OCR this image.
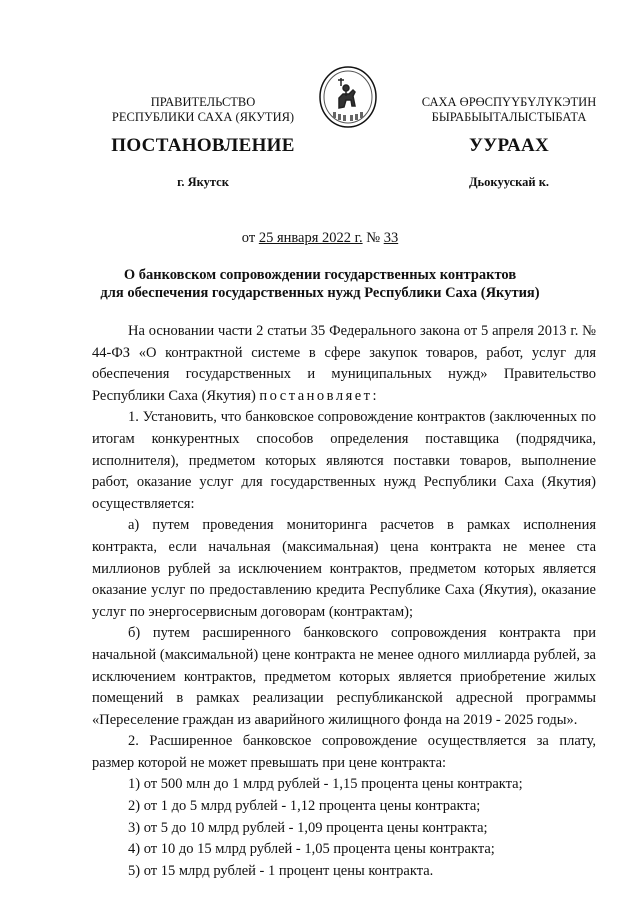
ПРАВИТЕЛЬСТВО
РЕСПУБЛИКИ САХА (ЯКУТИЯ)
САХА ӨРӨСПҮҮБҮЛҮКЭТИН
БЫРАБЫЫТАЛЫСТЫБАТА
ПОСТАНОВЛЕНИЕ	УУРААХ
г. Якутск	Дьокуускай к.
от 25 января 2022 г. № 33
О банковском сопровождении государственных контрактов
для обеспечения государственных нужд Республики Саха (Якутия)

На основании части 2 статьи 35 Федерального закона от 5 апреля 2013 г. № 44-ФЗ «О контрактной системе в сфере закупок товаров, работ, услуг для обеспечения государственных и муниципальных нужд» Правительство Республики Саха (Якутия) постановляет:

1. Установить, что банковское сопровождение контрактов (заключенных по итогам конкурентных способов определения поставщика (подрядчика, исполнителя), предметом которых являются поставки товаров, выполнение работ, оказание услуг для государственных нужд Республики Саха (Якутия) осуществляется:

а) путем проведения мониторинга расчетов в рамках исполнения контракта, если начальная (максимальная) цена контракта не менее ста миллионов рублей за исключением контрактов, предметом которых является оказание услуг по предоставлению кредита Республике Саха (Якутия), оказание услуг по энергосервисным договорам (контрактам);

б) путем расширенного банковского сопровождения контракта при начальной (максимальной) цене контракта не менее одного миллиарда рублей, за исключением контрактов, предметом которых является приобретение жилых помещений в рамках реализации республиканской адресной программы «Переселение граждан из аварийного жилищного фонда на 2019 - 2025 годы».

2. Расширенное банковское сопровождение осуществляется за плату, размер которой не может превышать при цене контракта:

1) от 500 млн до 1 млрд рублей - 1,15 процента цены контракта;

2) от 1 до 5 млрд рублей - 1,12 процента цены контракта;

3) от 5 до 10 млрд рублей - 1,09 процента цены контракта;

4) от 10 до 15 млрд рублей - 1,05 процента цены контракта;

5) от 15 млрд рублей - 1 процент цены контракта.
